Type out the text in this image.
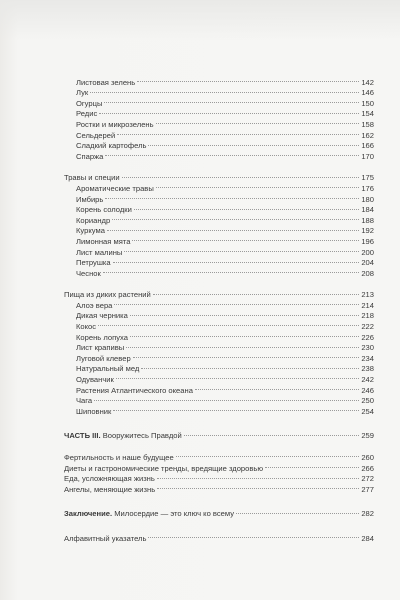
Листовая зелень	142
Лук	146
Огурцы	150
Редис	154
Ростки и микрозелень	158
Сельдерей	162
Сладкий картофель	166
Спаржа	170
Травы и специи	175
Ароматические травы	176
Имбирь	180
Корень солодки	184
Кориандр	188
Куркума	192
Лимонная мята	196
Лист малины	200
Петрушка	204
Чеснок	208
Пища из диких растений	213
Алоэ вера	214
Дикая черника	218
Кокос	222
Корень лопуха	226
Лист крапивы	230
Луговой клевер	234
Натуральный мед	238
Одуванчик	242
Растения Атлантического океана	246
Чага	250
Шиповник	254
ЧАСТЬ III. Вооружитесь Правдой	259
Фертильность и наше будущее	260
Диеты и гастрономические тренды, вредящие здоровью	266
Еда, усложняющая жизнь	272
Ангелы, меняющие жизнь	277
Заключение. Милосердие — это ключ ко всему	282
Алфавитный указатель	284
